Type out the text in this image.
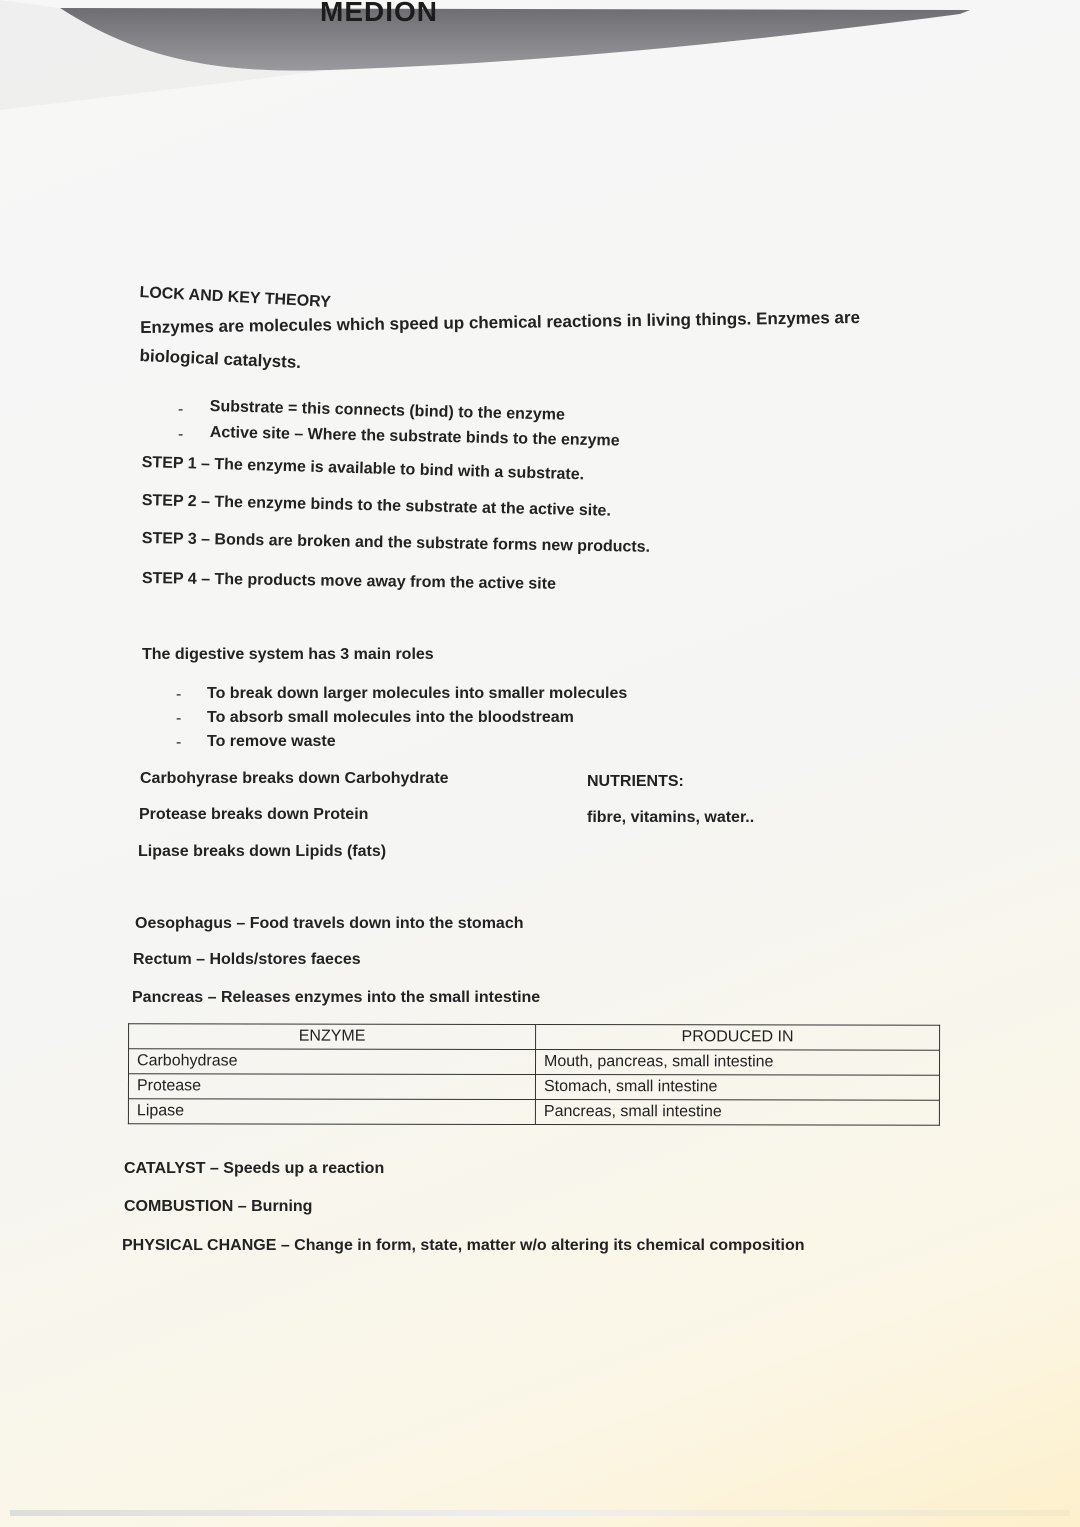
MEDION
LOCK AND KEY THEORY
Enzymes are molecules which speed up chemical reactions in living things. Enzymes are
biological catalysts.
- Substrate = this connects (bind) to the enzyme
- Active site – Where the substrate binds to the enzyme
STEP 1 – The enzyme is available to bind with a substrate.
STEP 2 – The enzyme binds to the substrate at the active site.
STEP 3 – Bonds are broken and the substrate forms new products.
STEP 4 – The products move away from the active site
The digestive system has 3 main roles
- To break down larger molecules into smaller molecules
- To absorb small molecules into the bloodstream
- To remove waste
Carbohyrase breaks down Carbohydrate
Protease breaks down Protein
Lipase breaks down Lipids (fats)
NUTRIENTS:
fibre, vitamins, water..
Oesophagus – Food travels down into the stomach
Rectum – Holds/stores faeces
Pancreas – Releases enzymes into the small intestine
ENZYME	PRODUCED IN
Carbohydrase	Mouth, pancreas, small intestine
Protease	Stomach, small intestine
Lipase	Pancreas, small intestine
CATALYST – Speeds up a reaction
COMBUSTION – Burning
PHYSICAL CHANGE – Change in form, state, matter w/o altering its chemical composition
